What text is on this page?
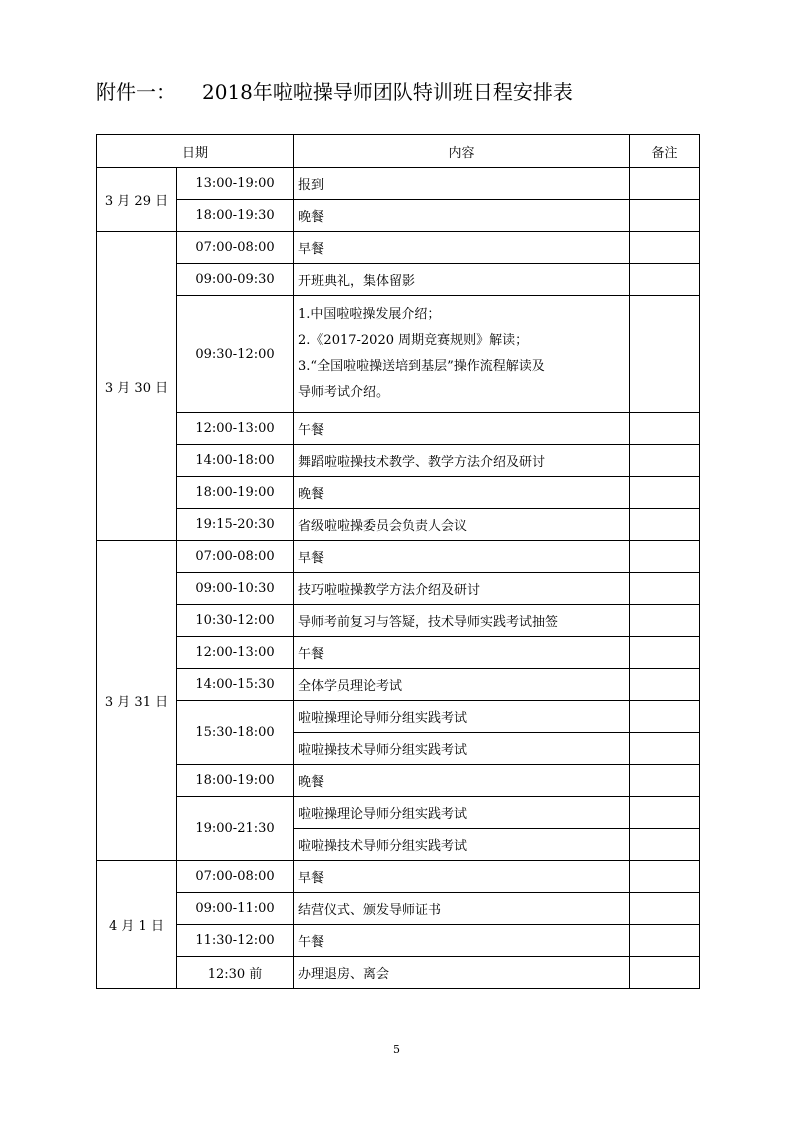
附件一： 2018年啦啦操导师团队特训班日程安排表
日期		内容	备注
3 月 29 日	13:00-19:00	报到	
	18:00-19:30	晚餐	
3 月 30 日	07:00-08:00	早餐	
	09:00-09:30	开班典礼，集体留影	
	09:30-12:00	1.中国啦啦操发展介绍；
2.《2017-2020 周期竞赛规则》解读；
3.“全国啦啦操送培到基层”操作流程解读及
导师考试介绍。	

	12:00-13:00	午餐	
	14:00-18:00	舞蹈啦啦操技术教学、教学方法介绍及研讨	
	18:00-19:00	晚餐	
	19:15-20:30	省级啦啦操委员会负责人会议	
3 月 31 日	07:00-08:00	早餐	
	09:00-10:30	技巧啦啦操教学方法介绍及研讨	
	10:30-12:00	导师考前复习与答疑，技术导师实践考试抽签	
	12:00-13:00	午餐	
	14:00-15:30	全体学员理论考试	
	15:30-18:00	啦啦操理论导师分组实践考试	
		啦啦操技术导师分组实践考试	
	18:00-19:00	晚餐	
	19:00-21:30	啦啦操理论导师分组实践考试	
		啦啦操技术导师分组实践考试	
4 月 1 日	07:00-08:00	早餐	
	09:00-11:00	结营仪式、颁发导师证书	
	11:30-12:00	午餐	
	12:30 前	办理退房、离会	
5
